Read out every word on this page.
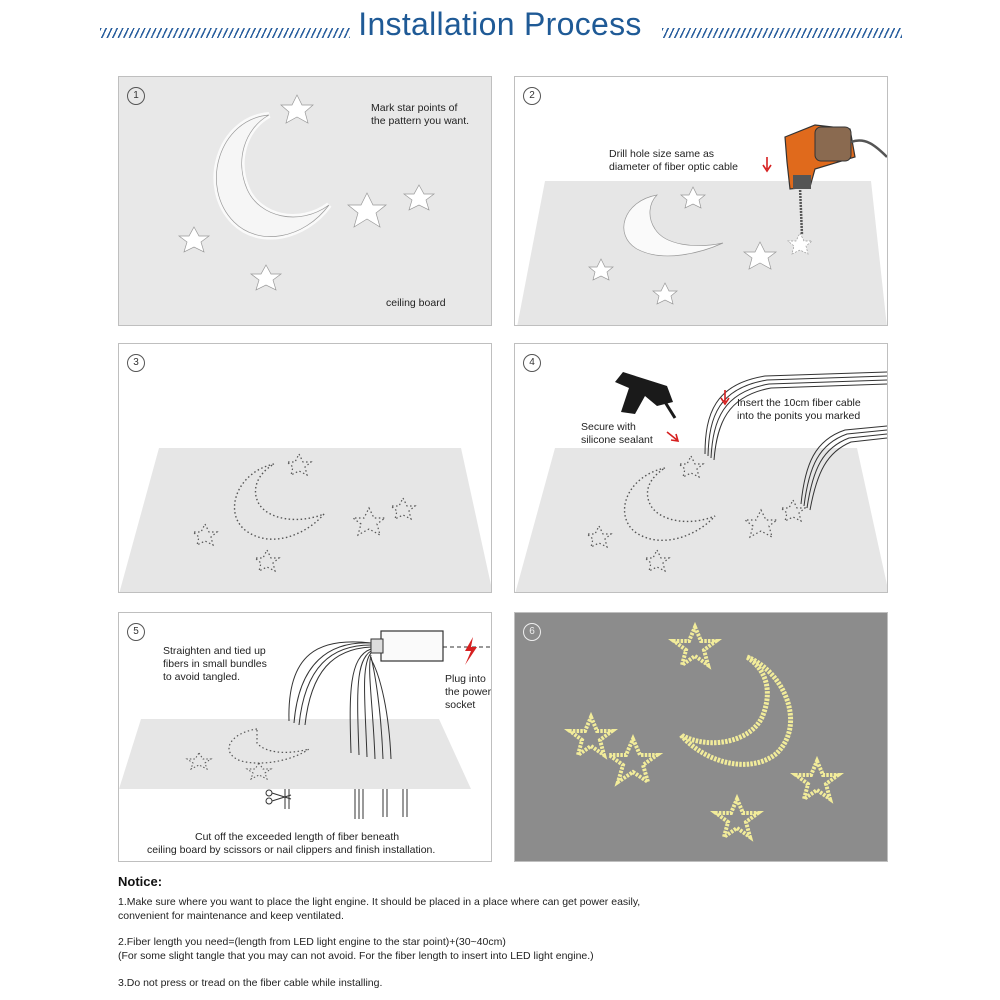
Installation Process
1
Mark star points of
the pattern you want.
ceiling board
2
Drill hole size same as
diameter of fiber optic cable
3	4
Insert the 10cm fiber cable
into the ponits you marked
Secure with
silicone sealant
5
Straighten and tied up
fibers in small bundles
to avoid tangled.	Plug into
the power
socket
Cut off the exceeded length of fiber beneath
ceiling board by scissors or nail clippers and finish installation.
6
Notice:
1.Make sure where you want to place the light engine. It should be placed in a place where can get power easily,
convenient for maintenance and keep ventilated.
2.Fiber length you need=(length from LED light engine to the star point)+(30~40cm)
(For some slight tangle that you may can not avoid. For the fiber length to insert into LED light engine.)
3.Do not press or tread on the fiber cable while installing.
